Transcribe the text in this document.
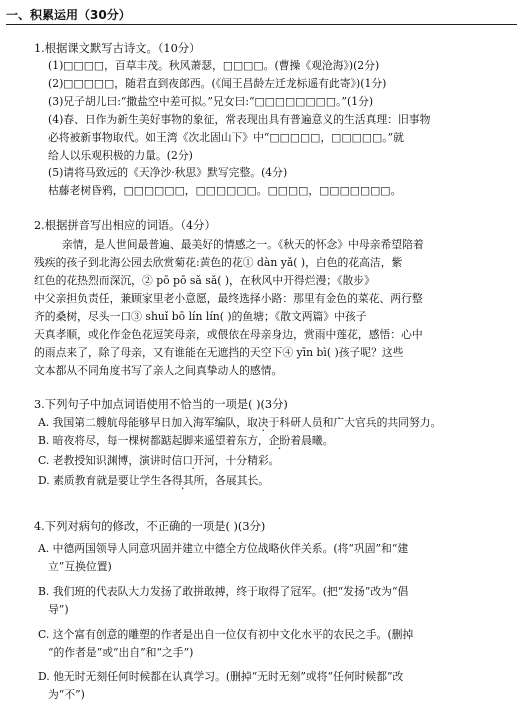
一、积累运用（30分）
1.根据课文默写古诗文。（10分）
(1)□□□□，百草丰茂。秋风萧瑟，□□□□。(曹操《观沧海》)(2分)
(2)□□□□□，随君直到夜郎西。(《闻王昌龄左迁龙标遥有此寄》)(1分)
(3)兄子胡儿曰:“撒盐空中差可拟。”兄女曰:“□□□□□□□□。”(1分)
(4)春、日作为新生美好事物的象征，常表现出具有普遍意义的生活真理：旧事物
必将被新事物取代。如王湾《次北固山下》中“□□□□□，□□□□□。”就
给人以乐观积极的力量。(2分)
(5)请将马致远的《天净沙·秋思》默写完整。(4分)
枯藤老树昏鸦，□□□□□□，□□□□□□。□□□□，□□□□□□□。
2.根据拼音写出相应的词语。（4分）
亲情，是人世间最普遍、最美好的情感之一。《秋天的怀念》中母亲希望陪着
残疾的孩子到北海公园去欣赏菊花:黄色的花① dàn yǎ( )，白色的花高洁，紫
红色的花热烈而深沉，② pō pō sǎ sǎ( )，在秋风中开得烂漫；《散步》
中父亲担负责任，兼顾家里老小意愿，最终选择小路：那里有金色的菜花、两行整
齐的桑树，尽头一口③ shuǐ bō lín lín( )的鱼塘；《散文两篇》中孩子
天真孝顺，或化作金色花逗笑母亲，或偎依在母亲身边，赏雨中莲花，感悟：心中
的雨点来了，除了母亲，又有谁能在无遮挡的天空下④ yīn bì( )孩子呢？这些
文本都从不同角度书写了亲人之间真挚动人的感情。
3.下列句子中加点词语使用不恰当的一项是( )(3分)
A. 我国第二艘航母能够早日加入海军编队，取决于科研人员和广大官兵的共同努力。
B. 暗夜将尽，每一棵树都踮起脚来遥望着东方，企盼着晨曦。
C. 老教授知识渊博，演讲时信口开河，十分精彩。
D. 素质教育就是要让学生各得其所，各展其长。
4.下列对病句的修改，不正确的一项是( )(3分)
A. 中德两国领导人同意巩固并建立中德全方位战略伙伴关系。(将“巩固”和“建
立”互换位置)
B. 我们班的代表队大力发扬了敢拼敢搏，终于取得了冠军。(把“发扬”改为“倡
导”)
C. 这个富有创意的雕塑的作者是出自一位仅有初中文化水平的农民之手。(删掉
“的作者是”或“出自”和“之手”)
D. 他无时无刻任何时候都在认真学习。(删掉“无时无刻”或将“任何时候都”改
为“不”)
